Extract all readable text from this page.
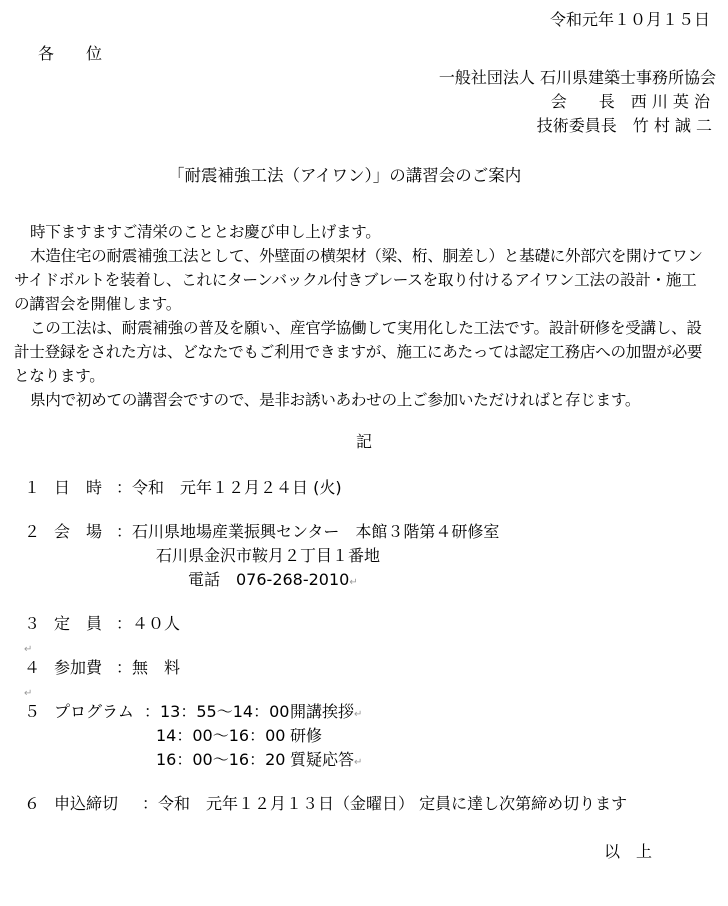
令和元年１０月１５日
各　　位
一般社団法人 石川県建築士事務所協会
会　　長　西 川 英 治
技術委員長　竹 村 誠 二
「耐震補強工法（アイワン）」の講習会のご案内
時下ますますご清栄のこととお慶び申し上げます。
木造住宅の耐震補強工法として、外壁面の横架材（梁、桁、胴差し）と基礎に外部穴を開けてワンサイドボルトを装着し、これにターンバックル付きブレースを取り付けるアイワン工法の設計・施工の講習会を開催します。
この工法は、耐震補強の普及を願い、産官学協働して実用化した工法です。設計研修を受講し、設計士登録をされた方は、どなたでもご利用できますが、施工にあたっては認定工務店への加盟が必要となります。
県内で初めての講習会ですので、是非お誘いあわせの上ご参加いただければと存じます。
記
１ 日　時 ：令和　元年１２月２４日 (火)
２ 会　場 ：石川県地場産業振興センター　本館３階第４研修室
石川県金沢市鞍月２丁目１番地
電話　076-268-2010↵
３ 定　員 ：４０人
↵
４ 参加費 ：無　料
↵
５ プログラム ：13：55〜14：00 開講挨拶↵
14：00〜16：00 研修
16：00〜16：20 質疑応答↵
６ 申込締切 ：令和　元年１２月１３日（金曜日） 定員に達し次第締め切ります
以　上
